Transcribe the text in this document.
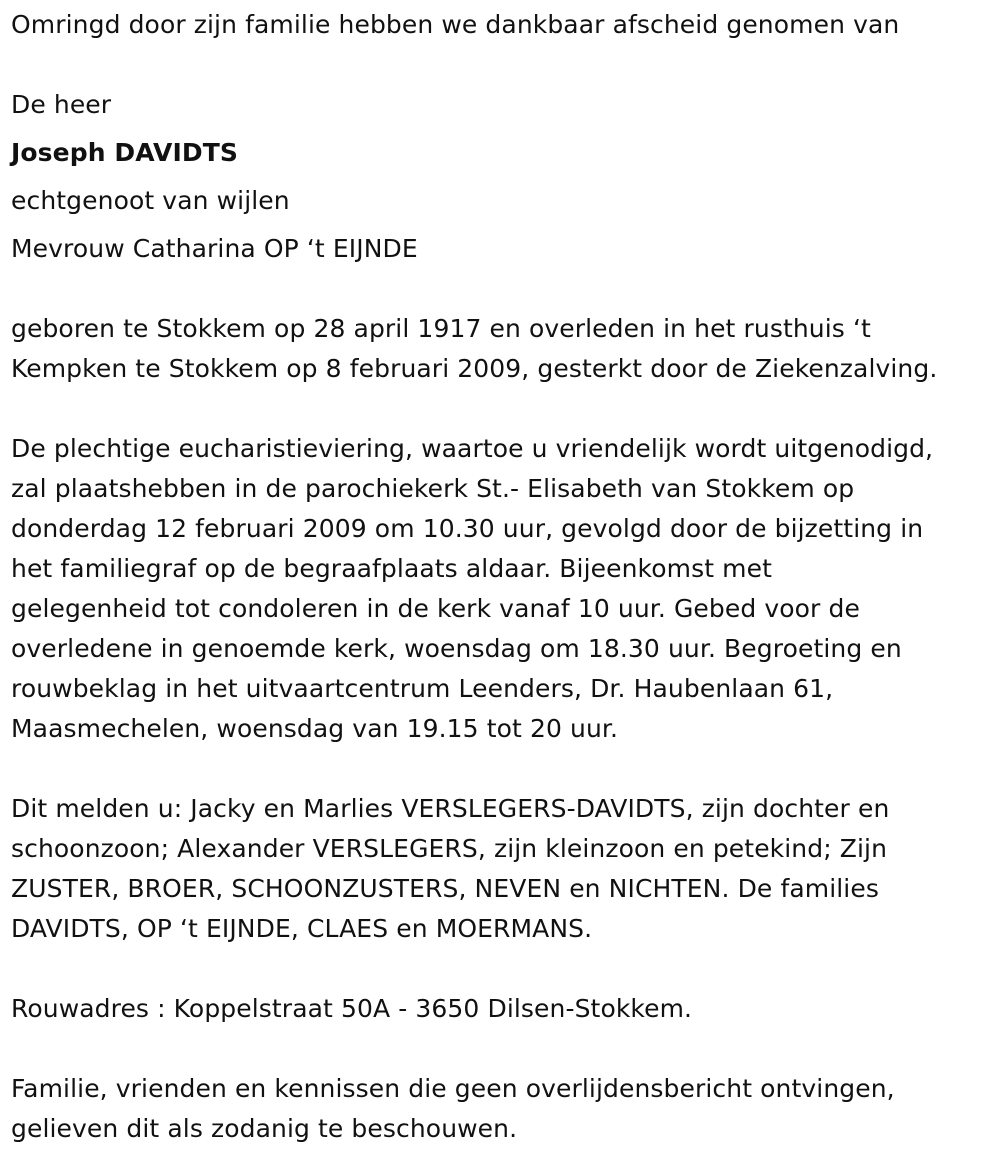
Omringd door zijn familie hebben we dankbaar afscheid genomen van

De heer

Joseph DAVIDTS

echtgenoot van wijlen

Mevrouw Catharina OP ‘t EIJNDE

geboren te Stokkem op 28 april 1917 en overleden in het rusthuis ‘t
Kempken te Stokkem op 8 februari 2009, gesterkt door de Ziekenzalving.
De plechtige eucharistieviering, waartoe u vriendelijk wordt uitgenodigd,
zal plaatshebben in de parochiekerk St.- Elisabeth van Stokkem op
donderdag 12 februari 2009 om 10.30 uur, gevolgd door de bijzetting in
het familiegraf op de begraafplaats aldaar. Bijeenkomst met
gelegenheid tot condoleren in de kerk vanaf 10 uur. Gebed voor de
overledene in genoemde kerk, woensdag om 18.30 uur. Begroeting en
rouwbeklag in het uitvaartcentrum Leenders, Dr. Haubenlaan 61,
Maasmechelen, woensdag van 19.15 tot 20 uur.
Dit melden u: Jacky en Marlies VERSLEGERS-DAVIDTS, zijn dochter en
schoonzoon; Alexander VERSLEGERS, zijn kleinzoon en petekind; Zijn
ZUSTER, BROER, SCHOONZUSTERS, NEVEN en NICHTEN. De families
DAVIDTS, OP ‘t EIJNDE, CLAES en MOERMANS.
Rouwadres : Koppelstraat 50A - 3650 Dilsen-Stokkem.
Familie, vrienden en kennissen die geen overlijdensbericht ontvingen,
gelieven dit als zodanig te beschouwen.
